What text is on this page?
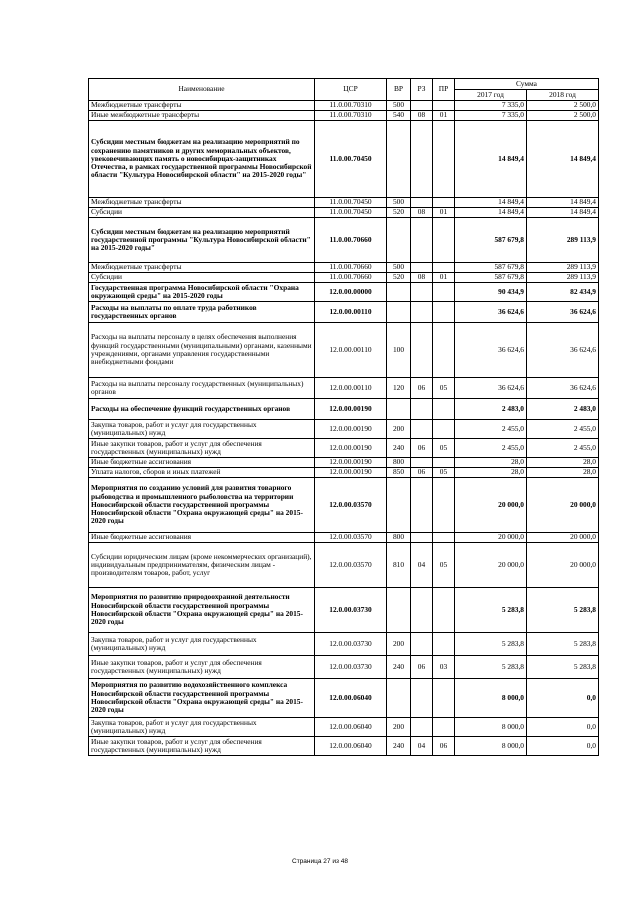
Наименование	ЦСР	ВР	РЗ	ПР	Сумма	
					2017 год	2018 год
Межбюджетные трансферты	11.0.00.70310	500			7 335,0	2 500,0
Иные межбюджетные трансферты	11.0.00.70310	540	08	01	7 335,0	2 500,0
Субсидии местным бюджетам на реализацию мероприятий по сохранению памятников и других мемориальных объектов, увековечивающих память о новосибирцах-защитниках Отечества, в рамках государственной программы Новосибирской области "Культура Новосибирской области" на 2015-2020 годы"	11.0.00.70450				14 849,4	14 849,4
Межбюджетные трансферты	11.0.00.70450	500			14 849,4	14 849,4
Субсидии	11.0.00.70450	520	08	01	14 849,4	14 849,4
Субсидии местным бюджетам на реализацию мероприятий государственной программы "Культура Новосибирской области" на 2015-2020 годы"	11.0.00.70660				587 679,8	289 113,9
Межбюджетные трансферты	11.0.00.70660	500			587 679,8	289 113,9
Субсидии	11.0.00.70660	520	08	01	587 679,8	289 113,9
Государственная программа Новосибирской области "Охрана окружающей среды" на 2015-2020 годы	12.0.00.00000				90 434,9	82 434,9
Расходы на выплаты по оплате труда работников государственных органов	12.0.00.00110				36 624,6	36 624,6
Расходы на выплаты персоналу в целях обеспечения выполнения функций государственными (муниципальными) органами, казенными учреждениями, органами управления государственными внебюджетными фондами	12.0.00.00110	100			36 624,6	36 624,6
Расходы на выплаты персоналу государственных (муниципальных) органов	12.0.00.00110	120	06	05	36 624,6	36 624,6
Расходы на обеспечение функций государственных органов	12.0.00.00190				2 483,0	2 483,0
Закупка товаров, работ и услуг для государственных (муниципальных) нужд	12.0.00.00190	200			2 455,0	2 455,0
Иные закупки товаров, работ и услуг для обеспечения государственных (муниципальных) нужд	12.0.00.00190	240	06	05	2 455,0	2 455,0
Иные бюджетные ассигнования	12.0.00.00190	800			28,0	28,0
Уплата налогов, сборов и иных платежей	12.0.00.00190	850	06	05	28,0	28,0
Мероприятия по созданию условий для развития товарного рыбоводства и промышленного рыболовства на территории Новосибирской области государственной программы Новосибирской области "Охрана окружающей среды" на 2015-2020 годы	12.0.00.03570				20 000,0	20 000,0
Иные бюджетные ассигнования	12.0.00.03570	800			20 000,0	20 000,0
Субсидии юридическим лицам (кроме некоммерческих организаций), индивидуальным предпринимателям, физическим лицам - производителям товаров, работ, услуг	12.0.00.03570	810	04	05	20 000,0	20 000,0
Мероприятия по развитию природоохранной деятельности Новосибирской области государственной программы Новосибирской области "Охрана окружающей среды" на 2015-2020 годы	12.0.00.03730				5 283,8	5 283,8
Закупка товаров, работ и услуг для государственных (муниципальных) нужд	12.0.00.03730	200			5 283,8	5 283,8
Иные закупки товаров, работ и услуг для обеспечения государственных (муниципальных) нужд	12.0.00.03730	240	06	03	5 283,8	5 283,8
Мероприятия по развитию водохозяйственного комплекса Новосибирской области государственной программы Новосибирской области "Охрана окружающей среды" на 2015-2020 годы	12.0.00.06040				8 000,0	0,0
Закупка товаров, работ и услуг для государственных (муниципальных) нужд	12.0.00.06040	200			8 000,0	0,0
Иные закупки товаров, работ и услуг для обеспечения государственных (муниципальных) нужд	12.0.00.06040	240	04	06	8 000,0	0,0
Страница 27 из 48
